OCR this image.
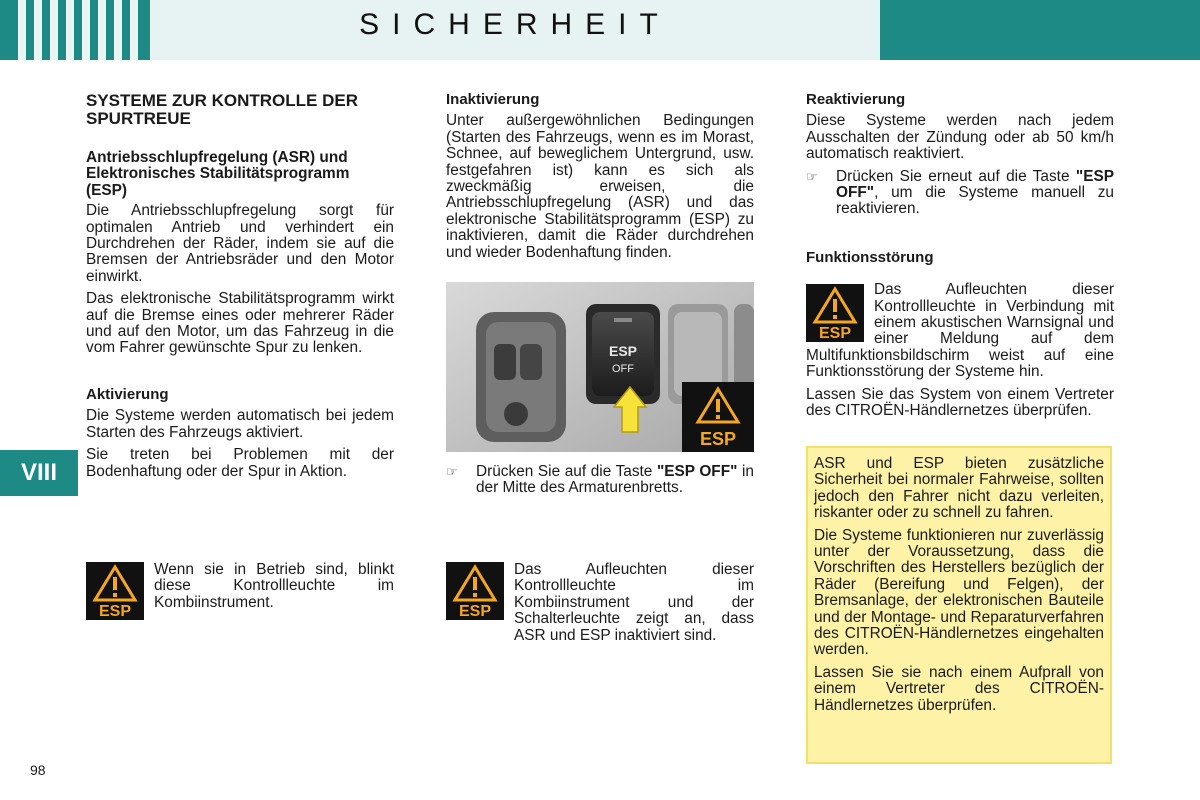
SICHERHEIT
VIII
SYSTEME ZUR KONTROLLE DER SPURTREUE
Antriebsschlupfregelung (ASR) und Elektronisches Stabilitätsprogramm (ESP)

Die Antriebsschlupfregelung sorgt für optimalen Antrieb und verhindert ein Durchdrehen der Räder, indem sie auf die Bremsen der Antriebsräder und den Motor einwirkt.

Das elektronische Stabilitätsprogramm wirkt auf die Bremse eines oder mehrerer Räder und auf den Motor, um das Fahrzeug in die vom Fahrer gewünschte Spur zu lenken.

Aktivierung

Die Systeme werden automatisch bei jedem Starten des Fahrzeugs aktiviert.

Sie treten bei Problemen mit der Bodenhaftung oder der Spur in Aktion.

ESP
Wenn sie in Betrieb sind, blinkt diese Kontrollleuchte im Kombiinstrument.
Inaktivierung

Unter außergewöhnlichen Bedingungen (Starten des Fahrzeugs, wenn es im Morast, Schnee, auf beweglichem Untergrund, usw. festgefahren ist) kann es sich als zweckmäßig erweisen, die Antriebsschlupfregelung (ASR) und das elektronische Stabilitätsprogramm (ESP) zu inaktivieren, damit die Räder durchdrehen und wieder Bodenhaftung finden.

ESP
OFF
ESP
☞	Drücken Sie auf die Taste "ESP OFF" in der Mitte des Armaturenbretts.
ESP
Das Aufleuchten dieser Kontrollleuchte im Kombiinstrument und der Schalterleuchte zeigt an, dass ASR und ESP inaktiviert sind.
Reaktivierung

Diese Systeme werden nach jedem Ausschalten der Zündung oder ab 50 km/h automatisch reaktiviert.

☞	Drücken Sie erneut auf die Taste "ESP OFF", um die Systeme manuell zu reaktivieren.
Funktionsstörung
ESP

Das Aufleuchten dieser Kontrollleuchte in Verbindung mit einem akustischen Warnsignal und einer Meldung auf dem Multifunktionsbildschirm weist auf eine Funktionsstörung der Systeme hin.

Lassen Sie das System von einem Vertreter des CITROËN-Händlernetzes überprüfen.

ASR und ESP bieten zusätzliche Sicherheit bei normaler Fahrweise, sollten jedoch den Fahrer nicht dazu verleiten, riskanter oder zu schnell zu fahren.

Die Systeme funktionieren nur zuverlässig unter der Voraussetzung, dass die Vorschriften des Herstellers bezüglich der Räder (Bereifung und Felgen), der Bremsanlage, der elektronischen Bauteile und der Montage- und Reparaturverfahren des CITROËN-Händlernetzes eingehalten werden.

Lassen Sie sie nach einem Aufprall von einem Vertreter des CITROËN-Händlernetzes überprüfen.

98
